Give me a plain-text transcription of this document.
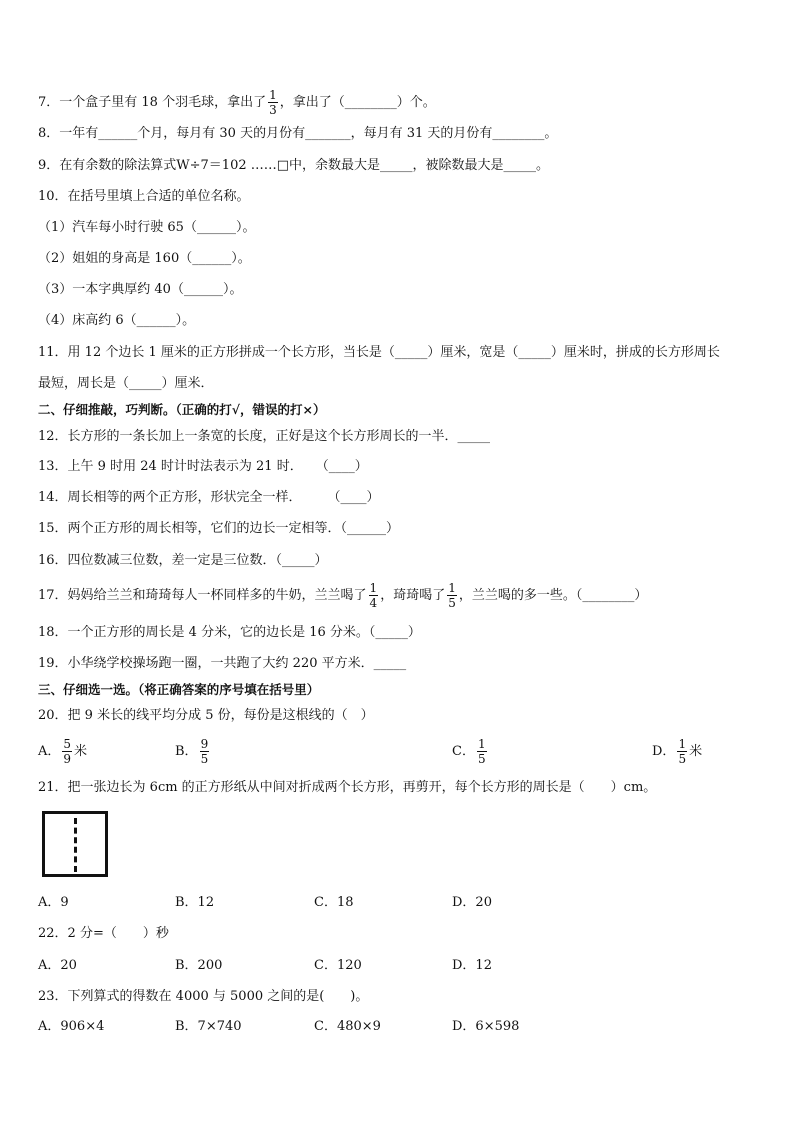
7．一个盒子里有 18 个羽毛球，拿出了 $\frac{1}{3}$ ，拿出了（________）个。
8．一年有______个月，每月有 30 天的月份有_______，每月有 31 天的月份有________。
9．在有余数的除法算式W÷7＝102 ……□中，余数最大是_____，被除数最大是_____。
10．在括号里填上合适的单位名称。
（1）汽车每小时行驶 65（______）。
（2）姐姐的身高是 160（______）。
（3）一本字典厚约 40（______）。
（4）床高约 6（______）。
11．用 12 个边长 1 厘米的正方形拼成一个长方形，当长是（_____）厘米，宽是（_____）厘米时，拼成的长方形周长
最短，周长是（_____）厘米．
二、仔细推敲，巧判断。（正确的打√，错误的打×）
12．长方形的一条长加上一条宽的长度，正好是这个长方形周长的一半．_____
13．上午 9 时用 24 时计时法表示为 21 时．　　（____）
14．周长相等的两个正方形，形状完全一样．　　　（____）
15．两个正方形的周长相等，它们的边长一定相等．（______）
16．四位数减三位数，差一定是三位数．（_____）
17．妈妈给兰兰和琦琦每人一杯同样多的牛奶，兰兰喝了 $\frac{1}{4}$ ，琦琦喝了 $\frac{1}{5}$ ，兰兰喝的多一些。（________）
18．一个正方形的周长是 4 分米，它的边长是 16 分米。（_____）
19．小华绕学校操场跑一圈，一共跑了大约 220 平方米．_____
三、仔细选一选。（将正确答案的序号填在括号里）
20．把 9 米长的线平均分成 5 份，每份是这根线的（　）
A． $\frac{5}{9}$ 米	B． $\frac{9}{5}$	C． $\frac{1}{5}$	D． $\frac{1}{5}$ 米
21．把一张边长为 6cm 的正方形纸从中间对折成两个长方形，再剪开，每个长方形的周长是（　　）cm。
A．9	B．12	C．18	D．20
22．2 分=（　　）秒
A．20	B．200	C．120	D．12
23．下列算式的得数在 4000 与 5000 之间的是(　　)。
A．906×4	B．7×740	C．480×9	D．6×598
